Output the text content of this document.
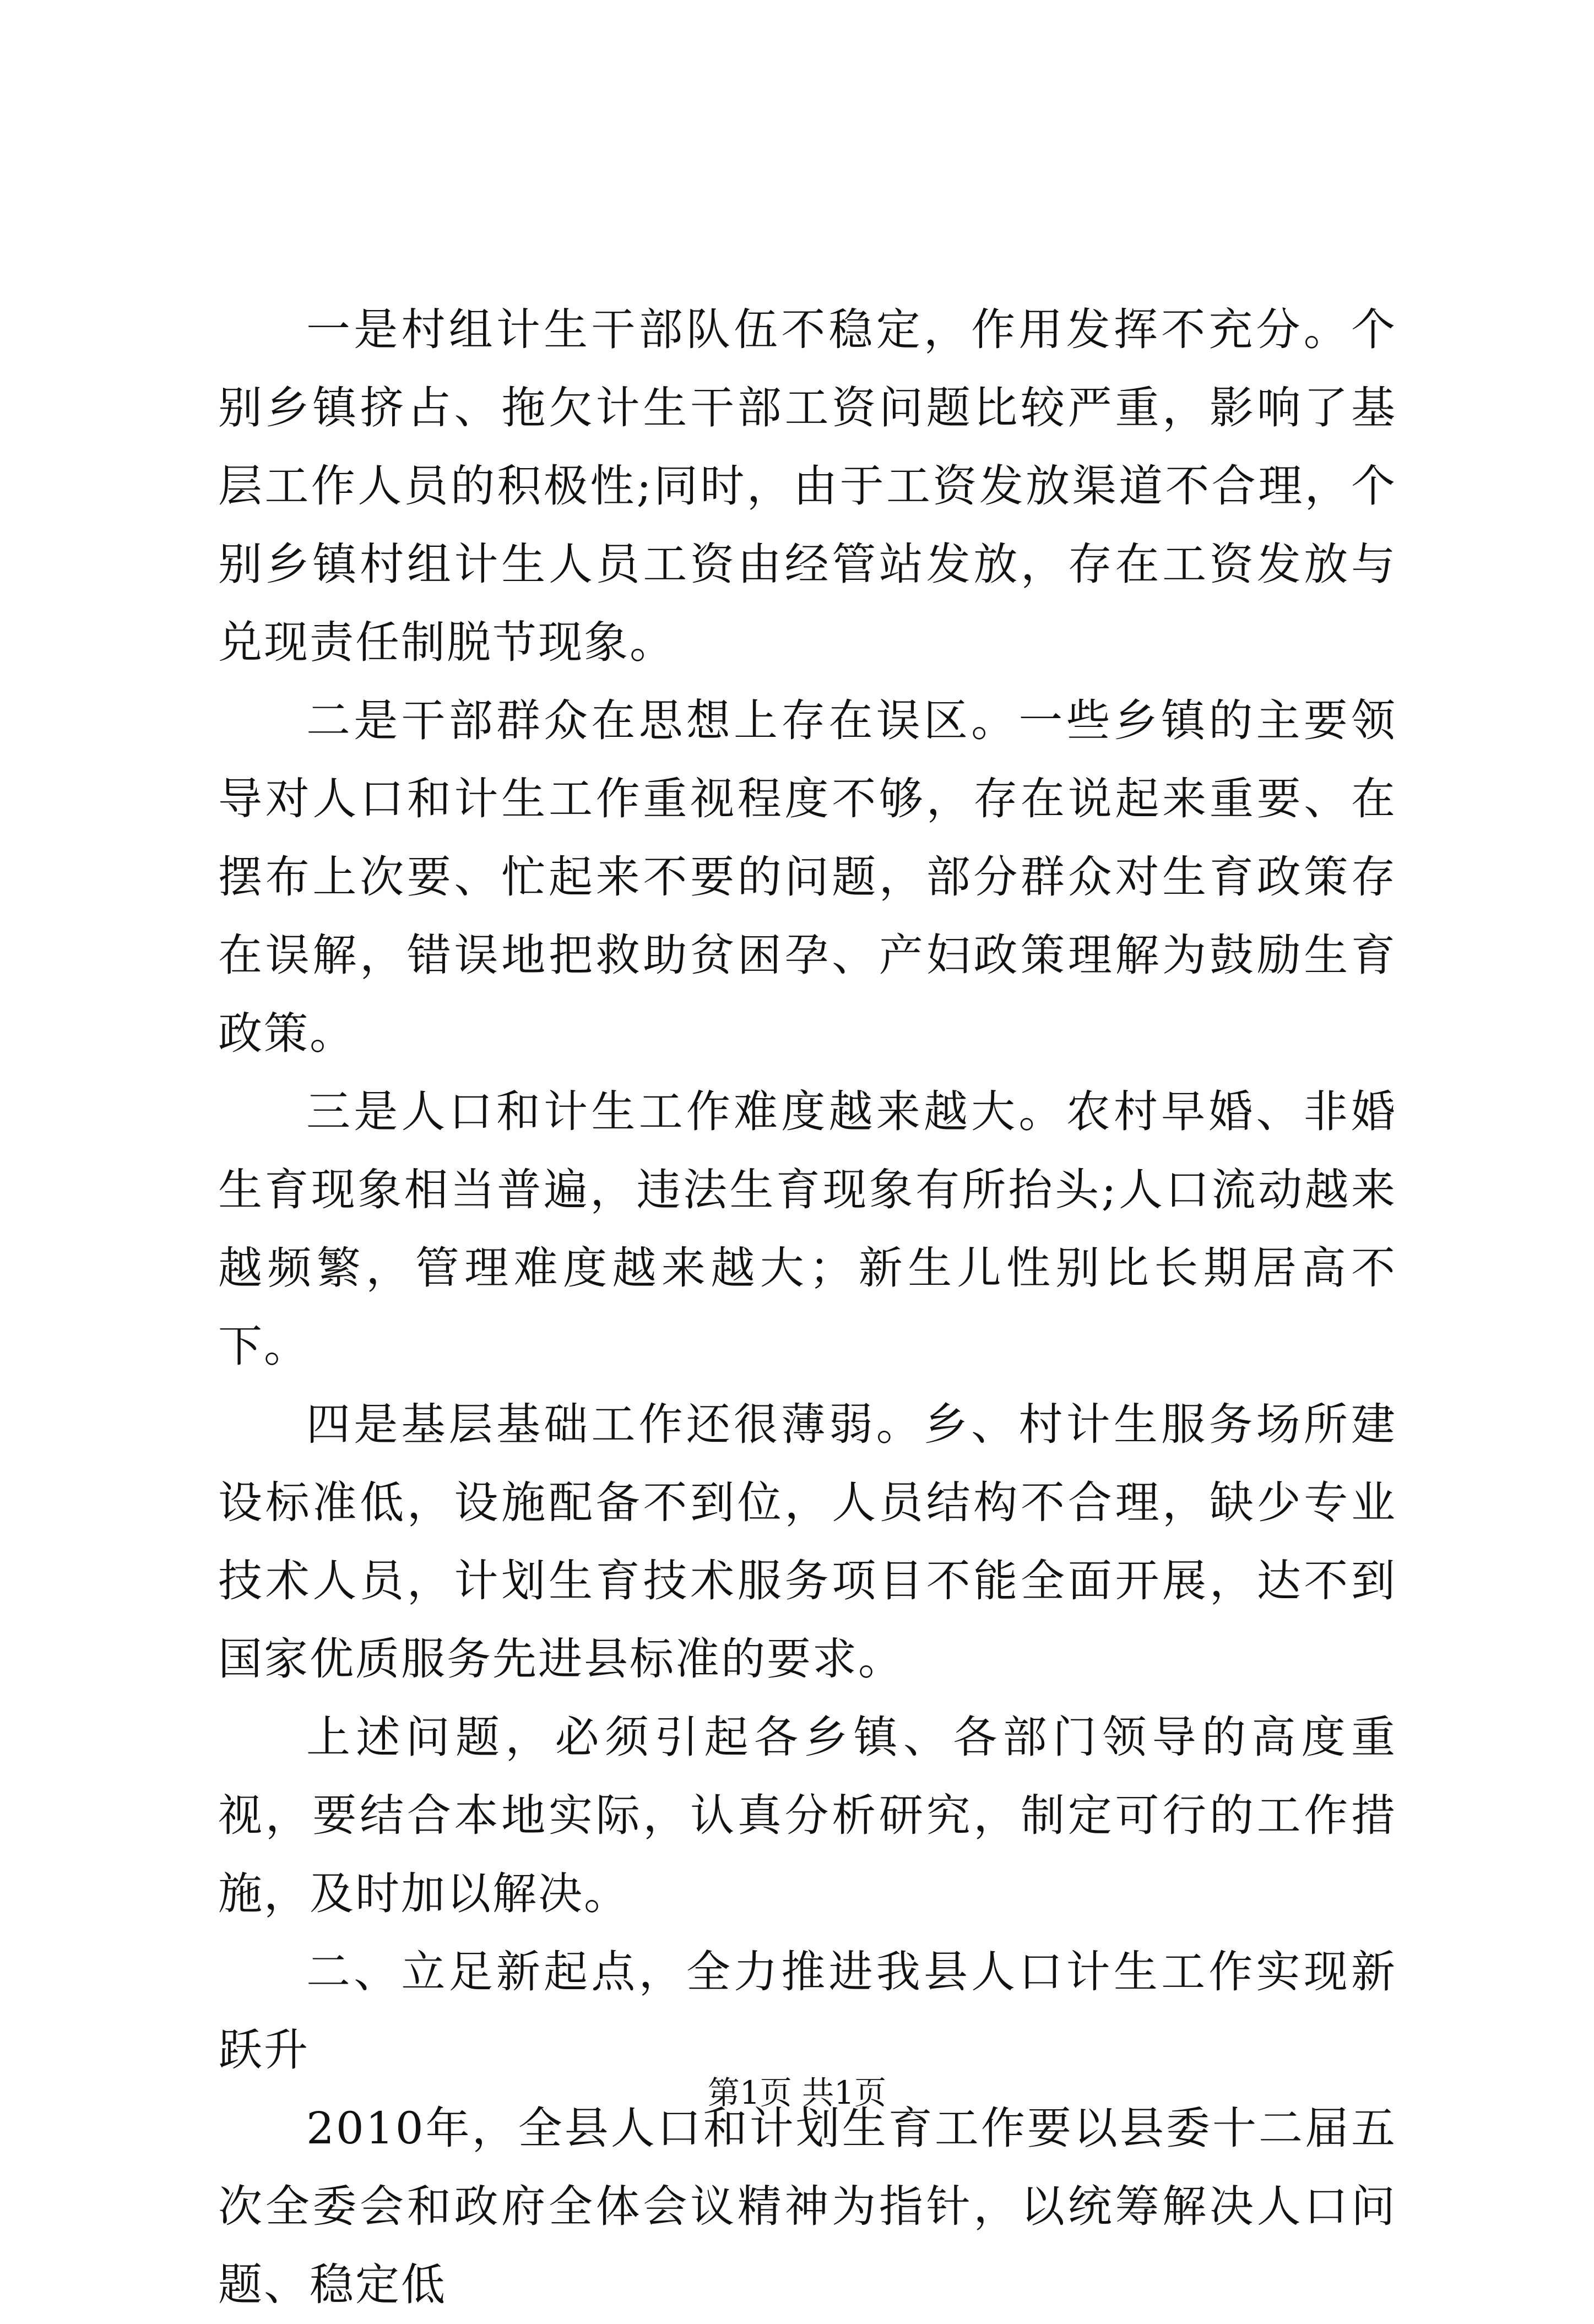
一是村组计生干部队伍不稳定，作用发挥不充分。个别乡镇挤占、拖欠计生干部工资问题比较严重，影响了基层工作人员的积极性;同时，由于工资发放渠道不合理，个别乡镇村组计生人员工资由经管站发放，存在工资发放与兑现责任制脱节现象。

二是干部群众在思想上存在误区。一些乡镇的主要领导对人口和计生工作重视程度不够，存在说起来重要、在摆布上次要、忙起来不要的问题，部分群众对生育政策存在误解，错误地把救助贫困孕、产妇政策理解为鼓励生育政策。

三是人口和计生工作难度越来越大。农村早婚、非婚生育现象相当普遍，违法生育现象有所抬头;人口流动越来越频繁，管理难度越来越大；新生儿性别比长期居高不下。

四是基层基础工作还很薄弱。乡、村计生服务场所建设标准低，设施配备不到位，人员结构不合理，缺少专业技术人员，计划生育技术服务项目不能全面开展，达不到国家优质服务先进县标准的要求。

上述问题，必须引起各乡镇、各部门领导的高度重视，要结合本地实际，认真分析研究，制定可行的工作措施，及时加以解决。

二、立足新起点，全力推进我县人口计生工作实现新跃升

2010年，全县人口和计划生育工作要以县委十二届五次全委会和政府全体会议精神为指针，以统筹解决人口问题、稳定低

第1页 共1页
